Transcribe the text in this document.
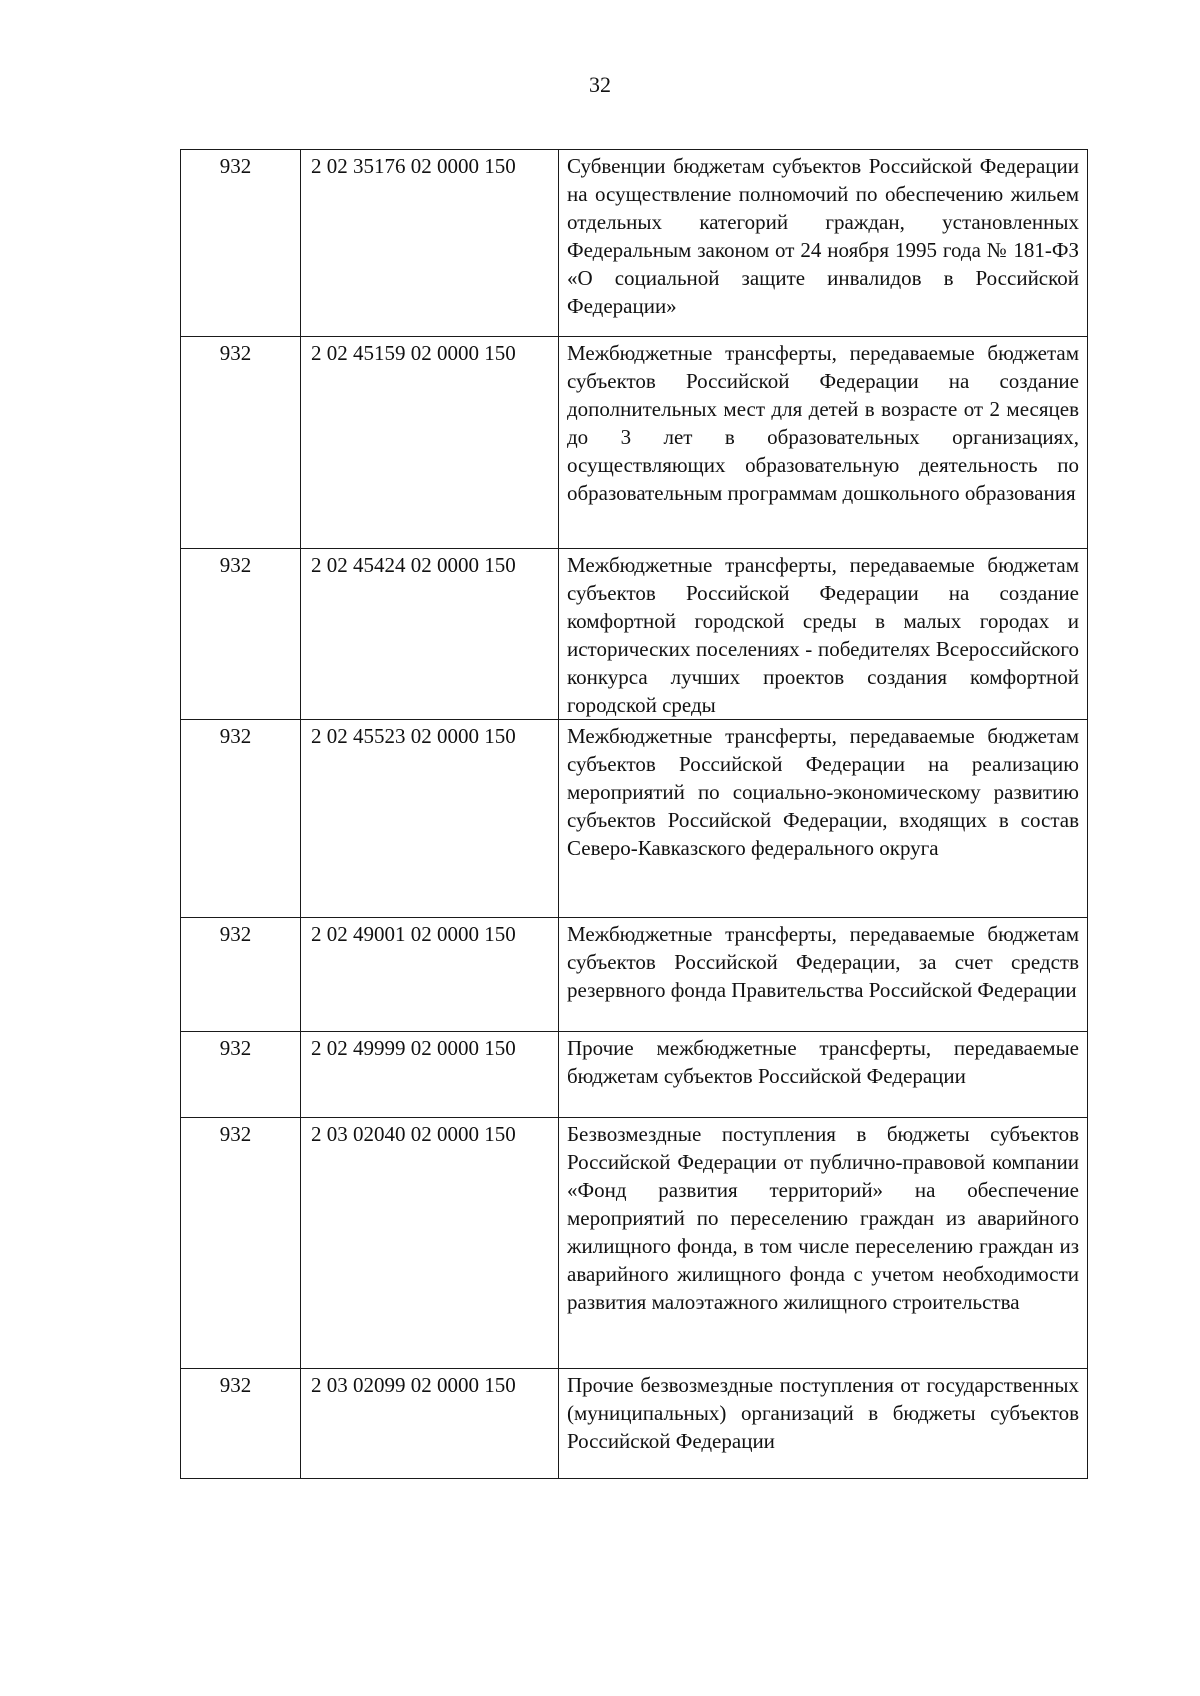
32
932	2 02 35176 02 0000 150	Субвенции бюджетам субъектов Российской Федерации на осуществление полномочий по обеспечению жильем отдельных категорий граждан, установленных Федеральным законом от 24 ноября 1995 года № 181-ФЗ «О социальной защите инвалидов в Российской Федерации»
932	2 02 45159 02 0000 150	Межбюджетные трансферты, передаваемые бюджетам субъектов Российской Федерации на создание дополнительных мест для детей в возрасте от 2 месяцев до 3 лет в образовательных организациях, осуществляющих образовательную деятельность по образовательным программам дошкольного образования
932	2 02 45424 02 0000 150	Межбюджетные трансферты, передаваемые бюджетам субъектов Российской Федерации на создание комфортной городской среды в малых городах и исторических поселениях - победителях Всероссийского конкурса лучших проектов создания комфортной городской среды
932	2 02 45523 02 0000 150	Межбюджетные трансферты, передаваемые бюджетам субъектов Российской Федерации на реализацию мероприятий по социально-экономическому развитию субъектов Российской Федерации, входящих в состав Северо-Кавказского федерального округа
932	2 02 49001 02 0000 150	Межбюджетные трансферты, передаваемые бюджетам субъектов Российской Федерации, за счет средств резервного фонда Правительства Российской Федерации
932	2 02 49999 02 0000 150	Прочие межбюджетные трансферты, передаваемые бюджетам субъектов Российской Федерации
932	2 03 02040 02 0000 150	Безвозмездные поступления в бюджеты субъектов Российской Федерации от публично-правовой компании «Фонд развития территорий» на обеспечение мероприятий по переселению граждан из аварийного жилищного фонда, в том числе переселению граждан из аварийного жилищного фонда с учетом необходимости развития малоэтажного жилищного строительства
932	2 03 02099 02 0000 150	Прочие безвозмездные поступления от государственных (муниципальных) организаций в бюджеты субъектов Российской Федерации
